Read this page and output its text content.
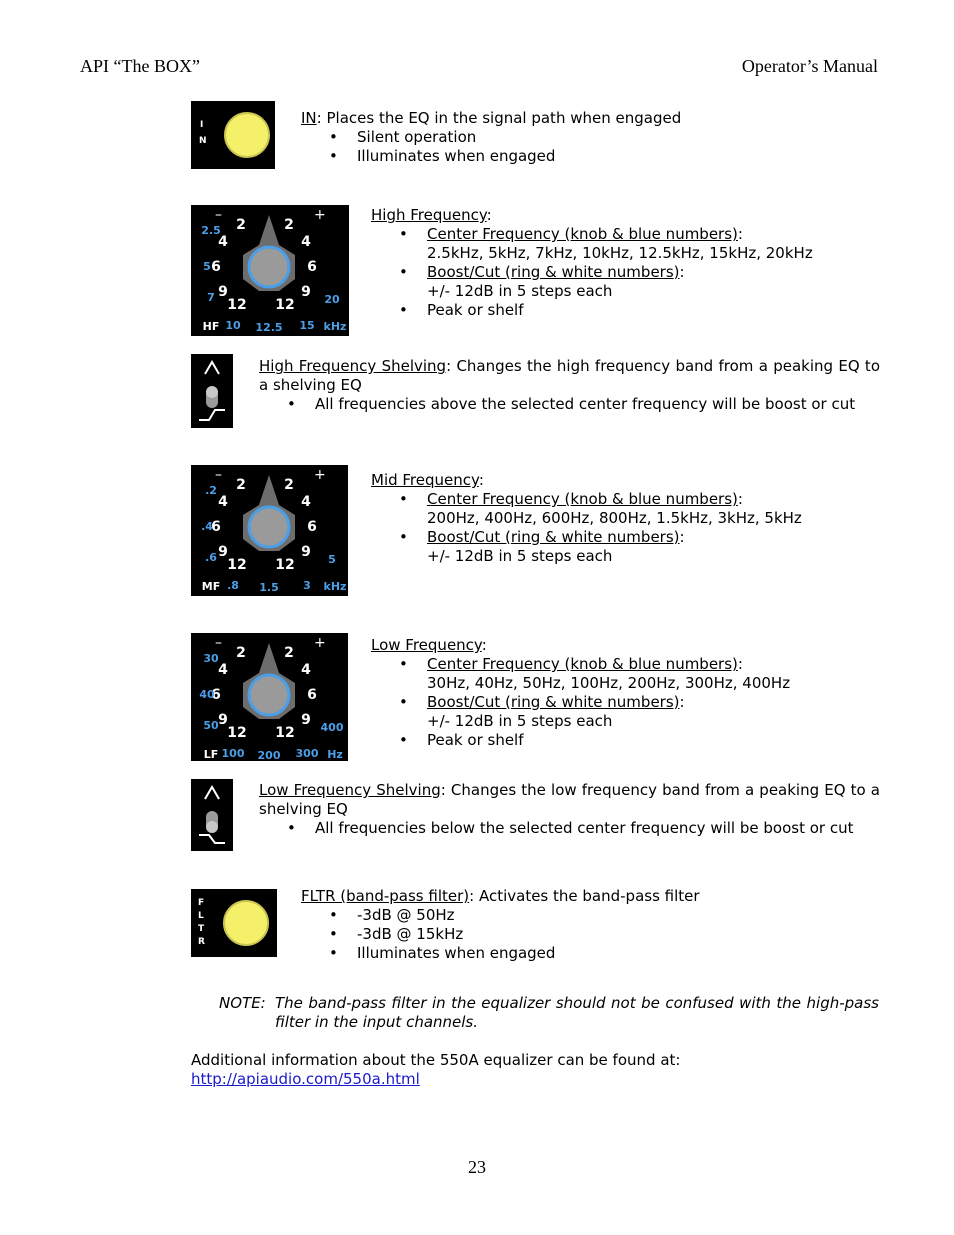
API “The BOX”	Operator’s Manual
I
N
IN: Places the EQ in the signal path when engaged
• Silent operation
• Illuminates when engaged
–	+
2	2
4	4
6	6
9	9
12 12
2.5
5
7
10 12.5 15
20
HF	kHz
High Frequency:
• Center Frequency (knob & blue numbers):
2.5kHz, 5kHz, 7kHz, 10kHz, 12.5kHz, 15kHz, 20kHz
• Boost/Cut (ring & white numbers):
+/- 12dB in 5 steps each
• Peak or shelf
High Frequency Shelving: Changes the high frequency band from a peaking EQ to a shelving EQ
• All frequencies above the selected center frequency will be boost or cut
–	+
2	2
4	4
6	6
9	9
12 12
.2
.4
.6
.8 1.5 3
5
MF	kHz
Mid Frequency:
• Center Frequency (knob & blue numbers):
200Hz, 400Hz, 600Hz, 800Hz, 1.5kHz, 3kHz, 5kHz
• Boost/Cut (ring & white numbers):
+/- 12dB in 5 steps each
–	+
2	2
4	4
6	6
9	9
12 12
30
40
50
100 200 300
400
LF	Hz
Low Frequency:
• Center Frequency (knob & blue numbers):
30Hz, 40Hz, 50Hz, 100Hz, 200Hz, 300Hz, 400Hz
• Boost/Cut (ring & white numbers):
+/- 12dB in 5 steps each
• Peak or shelf
Low Frequency Shelving: Changes the low frequency band from a peaking EQ to a shelving EQ
• All frequencies below the selected center frequency will be boost or cut
F
L
T
R
FLTR (band-pass filter): Activates the band-pass filter
• -3dB @ 50Hz
• -3dB @ 15kHz
• Illuminates when engaged
NOTE: The band-pass filter in the equalizer should not be confused with the high-pass filter in the input channels.
Additional information about the 550A equalizer can be found at:
http://apiaudio.com/550a.html
23
